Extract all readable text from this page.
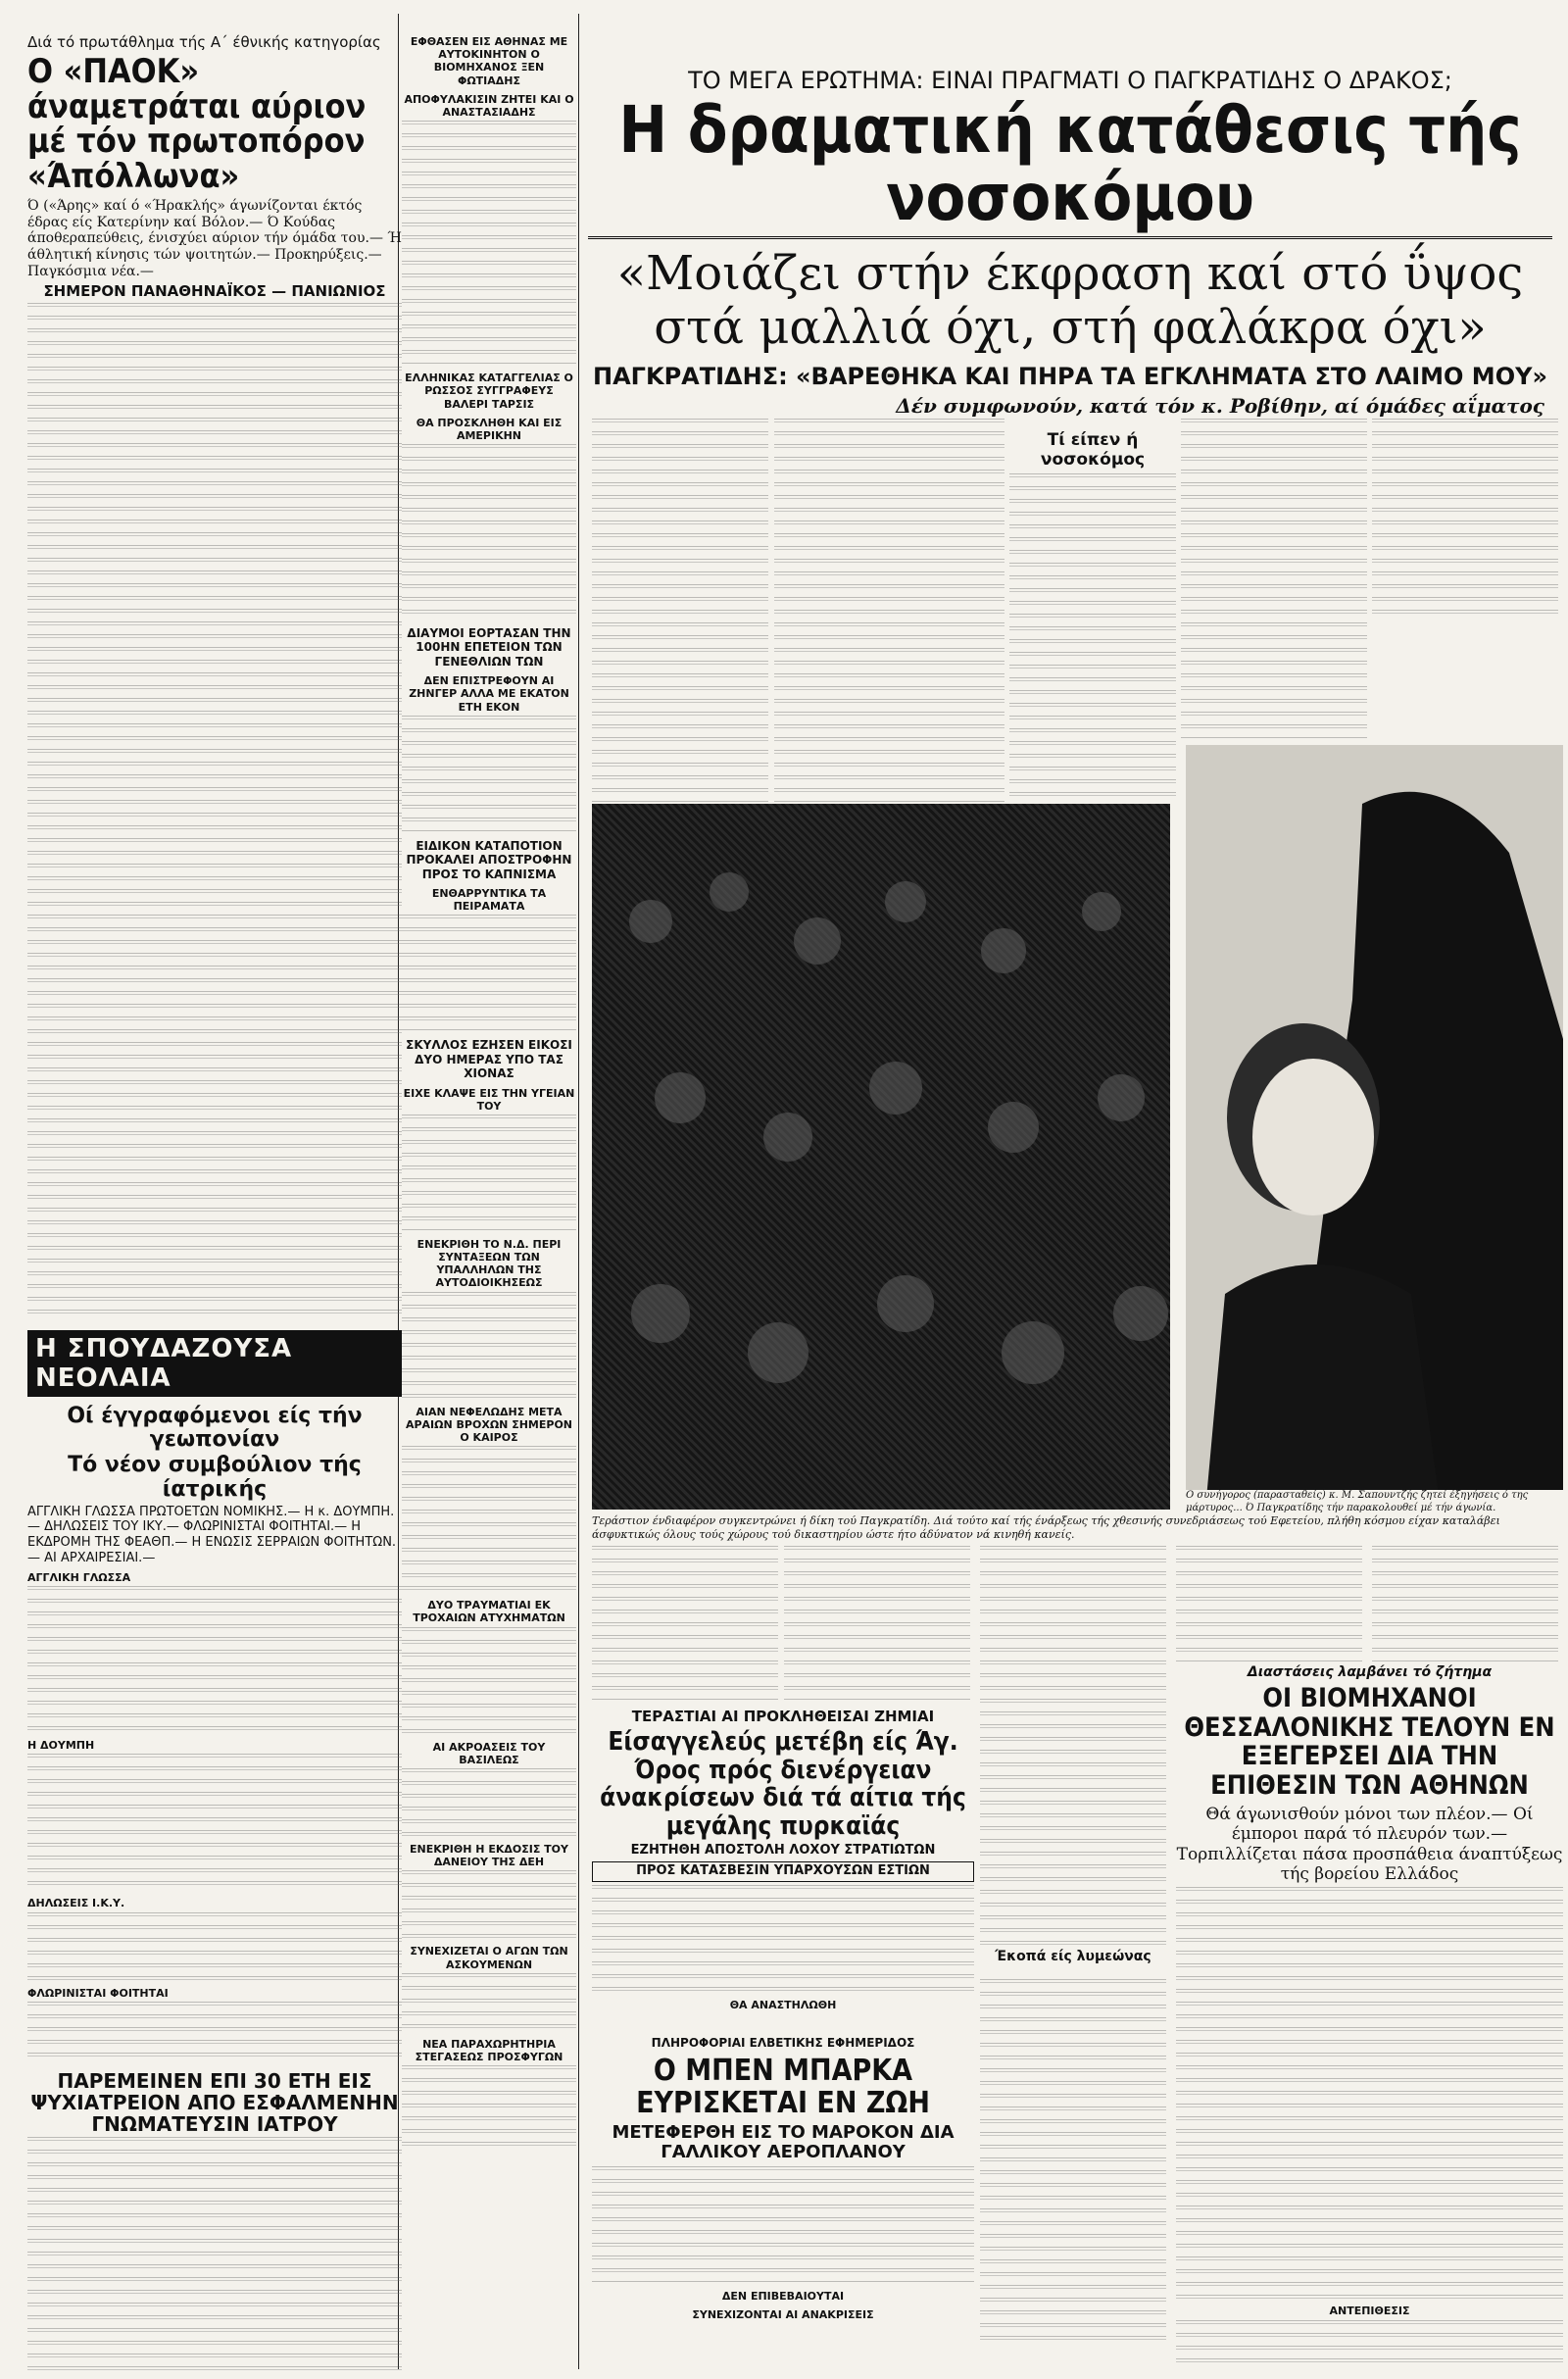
Διά τό πρωτάθλημα τής Α΄ έθνικής κατηγορίας
Ο «ΠΑΟΚ» άναμετράται αύριον μέ τόν πρωτοπόρον «Άπόλλωνα»
Ό («Άρης» καί ό «Ήρακλής» άγωνίζονται έκτός έδρας είς Κατερίνην καί Βόλον.— Ό Κούδας άποθεραπεύθεις, ένισχύει αύριον τήν όμάδα του.— Ή άθλητική κίνησις τών ψοιτητών.— Προκηρύξεις.— Παγκόσμια νέα.—
ΣΗΜΕΡΟΝ ΠΑΝΑΘΗΝΑΪΚΟΣ — ΠΑΝΙΩΝΙΟΣ
Η ΣΠΟΥΔΑΖΟΥΣΑ ΝΕΟΛΑΙΑ
Οί έγγραφόμενοι είς τήν γεωπονίαν
Τό νέον συμβούλιον τής ίατρικής
ΑΓΓΛΙΚΗ ΓΛΩΣΣΑ ΠΡΩΤΟΕΤΩΝ ΝΟΜΙΚΗΣ.— Η κ. ΔΟΥΜΠΗ.— ΔΗΛΩΣΕΙΣ ΤΟΥ ΙΚΥ.— ΦΛΩΡΙΝΙΣΤΑΙ ΦΟΙΤΗΤΑΙ.— Η ΕΚΔΡΟΜΗ ΤΗΣ ΦΕΑΘΠ.— Η ΕΝΩΣΙΣ ΣΕΡΡΑΙΩΝ ΦΟΙΤΗΤΩΝ.— ΑΙ ΑΡΧΑΙΡΕΣΙΑΙ.—
ΑΓΓΛΙΚΗ ΓΛΩΣΣΑ
Η ΔΟΥΜΠΗ
ΔΗΛΩΣΕΙΣ Ι.Κ.Υ.
ΦΛΩΡΙΝΙΣΤΑΙ ΦΟΙΤΗΤΑΙ
ΠΑΡΕΜΕΙΝΕΝ ΕΠΙ 30 ΕΤΗ ΕΙΣ ΨΥΧΙΑΤΡΕΙΟΝ ΑΠΟ ΕΣΦΑΛΜΕΝΗΝ ΓΝΩΜΑΤΕΥΣΙΝ ΙΑΤΡΟΥ
ΕΦΘΑΣΕΝ ΕΙΣ ΑΘΗΝΑΣ ΜΕ ΑΥΤΟΚΙΝΗΤΟΝ Ο ΒΙΟΜΗΧΑΝΟΣ ΞΕΝ ΦΩΤΙΑΔΗΣ
ΑΠΟΦΥΛΑΚΙΣΙΝ ΖΗΤΕΙ ΚΑΙ Ο ΑΝΑΣΤΑΣΙΑΔΗΣ
ΕΛΛΗΝΙΚΑΣ ΚΑΤΑΓΓΕΛΙΑΣ Ο ΡΩΣΣΟΣ ΣΥΓΓΡΑΦΕΥΣ ΒΑΛΕΡΙ ΤΑΡΣΙΣ
ΘΑ ΠΡΟΣΚΛΗΘΗ ΚΑΙ ΕΙΣ ΑΜΕΡΙΚΗΝ
ΔΙΑΥΜΟΙ ΕΟΡΤΑΣΑΝ ΤΗΝ 100ΗΝ ΕΠΕΤΕΙΟΝ ΤΩΝ ΓΕΝΕΘΛΙΩΝ ΤΩΝ
ΔΕΝ ΕΠΙΣΤΡΕΦΟΥΝ ΑΙ ΖΗΝΓΕΡ ΑΛΛΑ ΜΕ ΕΚΑΤΟΝ ΕΤΗ ΕΚΟΝ
ΕΙΔΙΚΟΝ ΚΑΤΑΠΟΤΙΟΝ ΠΡΟΚΑΛΕΙ ΑΠΟΣΤΡΟΦΗΝ ΠΡΟΣ ΤΟ ΚΑΠΝΙΣΜΑ
ΕΝΘΑΡΡΥΝΤΙΚΑ ΤΑ ΠΕΙΡΑΜΑΤΑ
ΣΚΥΛΛΟΣ ΕΖΗΣΕΝ ΕΙΚΟΣΙ ΔΥΟ ΗΜΕΡΑΣ ΥΠΟ ΤΑΣ ΧΙΟΝΑΣ
ΕΙΧΕ ΚΛΑΨΕ ΕΙΣ ΤΗΝ ΥΓΕΙΑΝ ΤΟΥ
ΕΝΕΚΡΙΘΗ ΤΟ Ν.Δ. ΠΕΡΙ ΣΥΝΤΑΞΕΩΝ ΤΩΝ ΥΠΑΛΛΗΛΩΝ ΤΗΣ ΑΥΤΟΔΙΟΙΚΗΣΕΩΣ
ΑΙΑΝ ΝΕΦΕΛΩΔΗΣ ΜΕΤΑ ΑΡΑΙΩΝ ΒΡΟΧΩΝ ΣΗΜΕΡΟΝ Ο ΚΑΙΡΟΣ
ΔΥΟ ΤΡΑΥΜΑΤΙΑΙ ΕΚ ΤΡΟΧΑΙΩΝ ΑΤΥΧΗΜΑΤΩΝ
ΑΙ ΑΚΡΟΑΣΕΙΣ ΤΟΥ ΒΑΣΙΛΕΩΣ
ΕΝΕΚΡΙΘΗ Η ΕΚΔΟΣΙΣ ΤΟΥ ΔΑΝΕΙΟΥ ΤΗΣ ΔΕΗ
ΣΥΝΕΧΙΖΕΤΑΙ Ο ΑΓΩΝ ΤΩΝ ΑΣΚΟΥΜΕΝΩΝ
ΝΕΑ ΠΑΡΑΧΩΡΗΤΗΡΙΑ ΣΤΕΓΑΣΕΩΣ ΠΡΟΣΦΥΓΩΝ
ΤΟ ΜΕΓΑ ΕΡΩΤΗΜΑ: ΕΙΝΑΙ ΠΡΑΓΜΑΤΙ Ο ΠΑΓΚΡΑΤΙΔΗΣ Ο ΔΡΑΚΟΣ;
Η δραματική κατάθεσις τής νοσοκόμου
«Μοιάζει στήν έκφραση καί στό ΰψος στά μαλλιά όχι, στή φαλάκρα όχι»
ΠΑΓΚΡΑΤΙΔΗΣ: «ΒΑΡΕΘΗΚΑ ΚΑΙ ΠΗΡΑ ΤΑ ΕΓΚΛΗΜΑΤΑ ΣΤΟ ΛΑΙΜΟ ΜΟΥ»
Δέν συμφωνούν, κατά τόν κ. Ροβίθην, αί όμάδες αΐματος
Τί είπεν ή νοσοκόμος
Τεράστιον ένδιαφέρον συγκεντρώνει ή δίκη τού Παγκρατίδη. Διά τούτο καί τής ένάρξεως τής χθεσινής συνεδριάσεως τού Εφετείου, πλήθη κόσμου είχαν καταλάβει άσφυκτικώς όλους τούς χώρους τού δικαστηρίου ώστε ήτο άδύνατον νά κινηθή κανείς.
Ο συνήγορος (παρασταθείς) κ. Μ. Σαπουντζής ζητεί έξηγήσεις ό της μάρτυρος... Ό Παγκρατίδης τήν παρακολουθεί μέ τήν άγωνία.
ΤΕΡΑΣΤΙΑΙ ΑΙ ΠΡΟΚΛΗΘΕΙΣΑΙ ΖΗΜΙΑΙ
Είσαγγελεύς μετέβη είς Άγ. Όρος πρός διενέργειαν άνακρίσεων διά τά αίτια τής μεγάλης πυρκαϊάς
ΕΖΗΤΗΘΗ ΑΠΟΣΤΟΛΗ ΛΟΧΟΥ ΣΤΡΑΤΙΩΤΩΝ
ΠΡΟΣ ΚΑΤΑΣΒΕΣΙΝ ΥΠΑΡΧΟΥΣΩΝ ΕΣΤΙΩΝ
ΘΑ ΑΝΑΣΤΗΛΩΘΗ
ΠΛΗΡΟΦΟΡΙΑΙ ΕΛΒΕΤΙΚΗΣ ΕΦΗΜΕΡΙΔΟΣ
Ο ΜΠΕΝ ΜΠΑΡΚΑ ΕΥΡΙΣΚΕΤΑΙ ΕΝ ΖΩΗ
ΜΕΤΕΦΕΡΘΗ ΕΙΣ ΤΟ ΜΑΡΟΚΟΝ ΔΙΑ ΓΑΛΛΙΚΟΥ ΑΕΡΟΠΛΑΝΟΥ
ΔΕΝ ΕΠΙΒΕΒΑΙΟΥΤΑΙ
ΣΥΝΕΧΙΖΟΝΤΑΙ ΑΙ ΑΝΑΚΡΙΣΕΙΣ
Έκοπά είς λυμεώνας
Διαστάσεις λαμβάνει τό ζήτημα
ΟΙ ΒΙΟΜΗΧΑΝΟΙ ΘΕΣΣΑΛΟΝΙΚΗΣ ΤΕΛΟΥΝ ΕΝ ΕΞΕΓΕΡΣΕΙ ΔΙΑ ΤΗΝ ΕΠΙΘΕΣΙΝ ΤΩΝ ΑΘΗΝΩΝ
Θά άγωνισθούν μόνοι των πλέον.— Οί έμποροι παρά τό πλευρόν των.— Τορπιλλίζεται πάσα προσπάθεια άναπτύξεως τής βορείου Ελλάδος
ΑΝΤΕΠΙΘΕΣΙΣ
